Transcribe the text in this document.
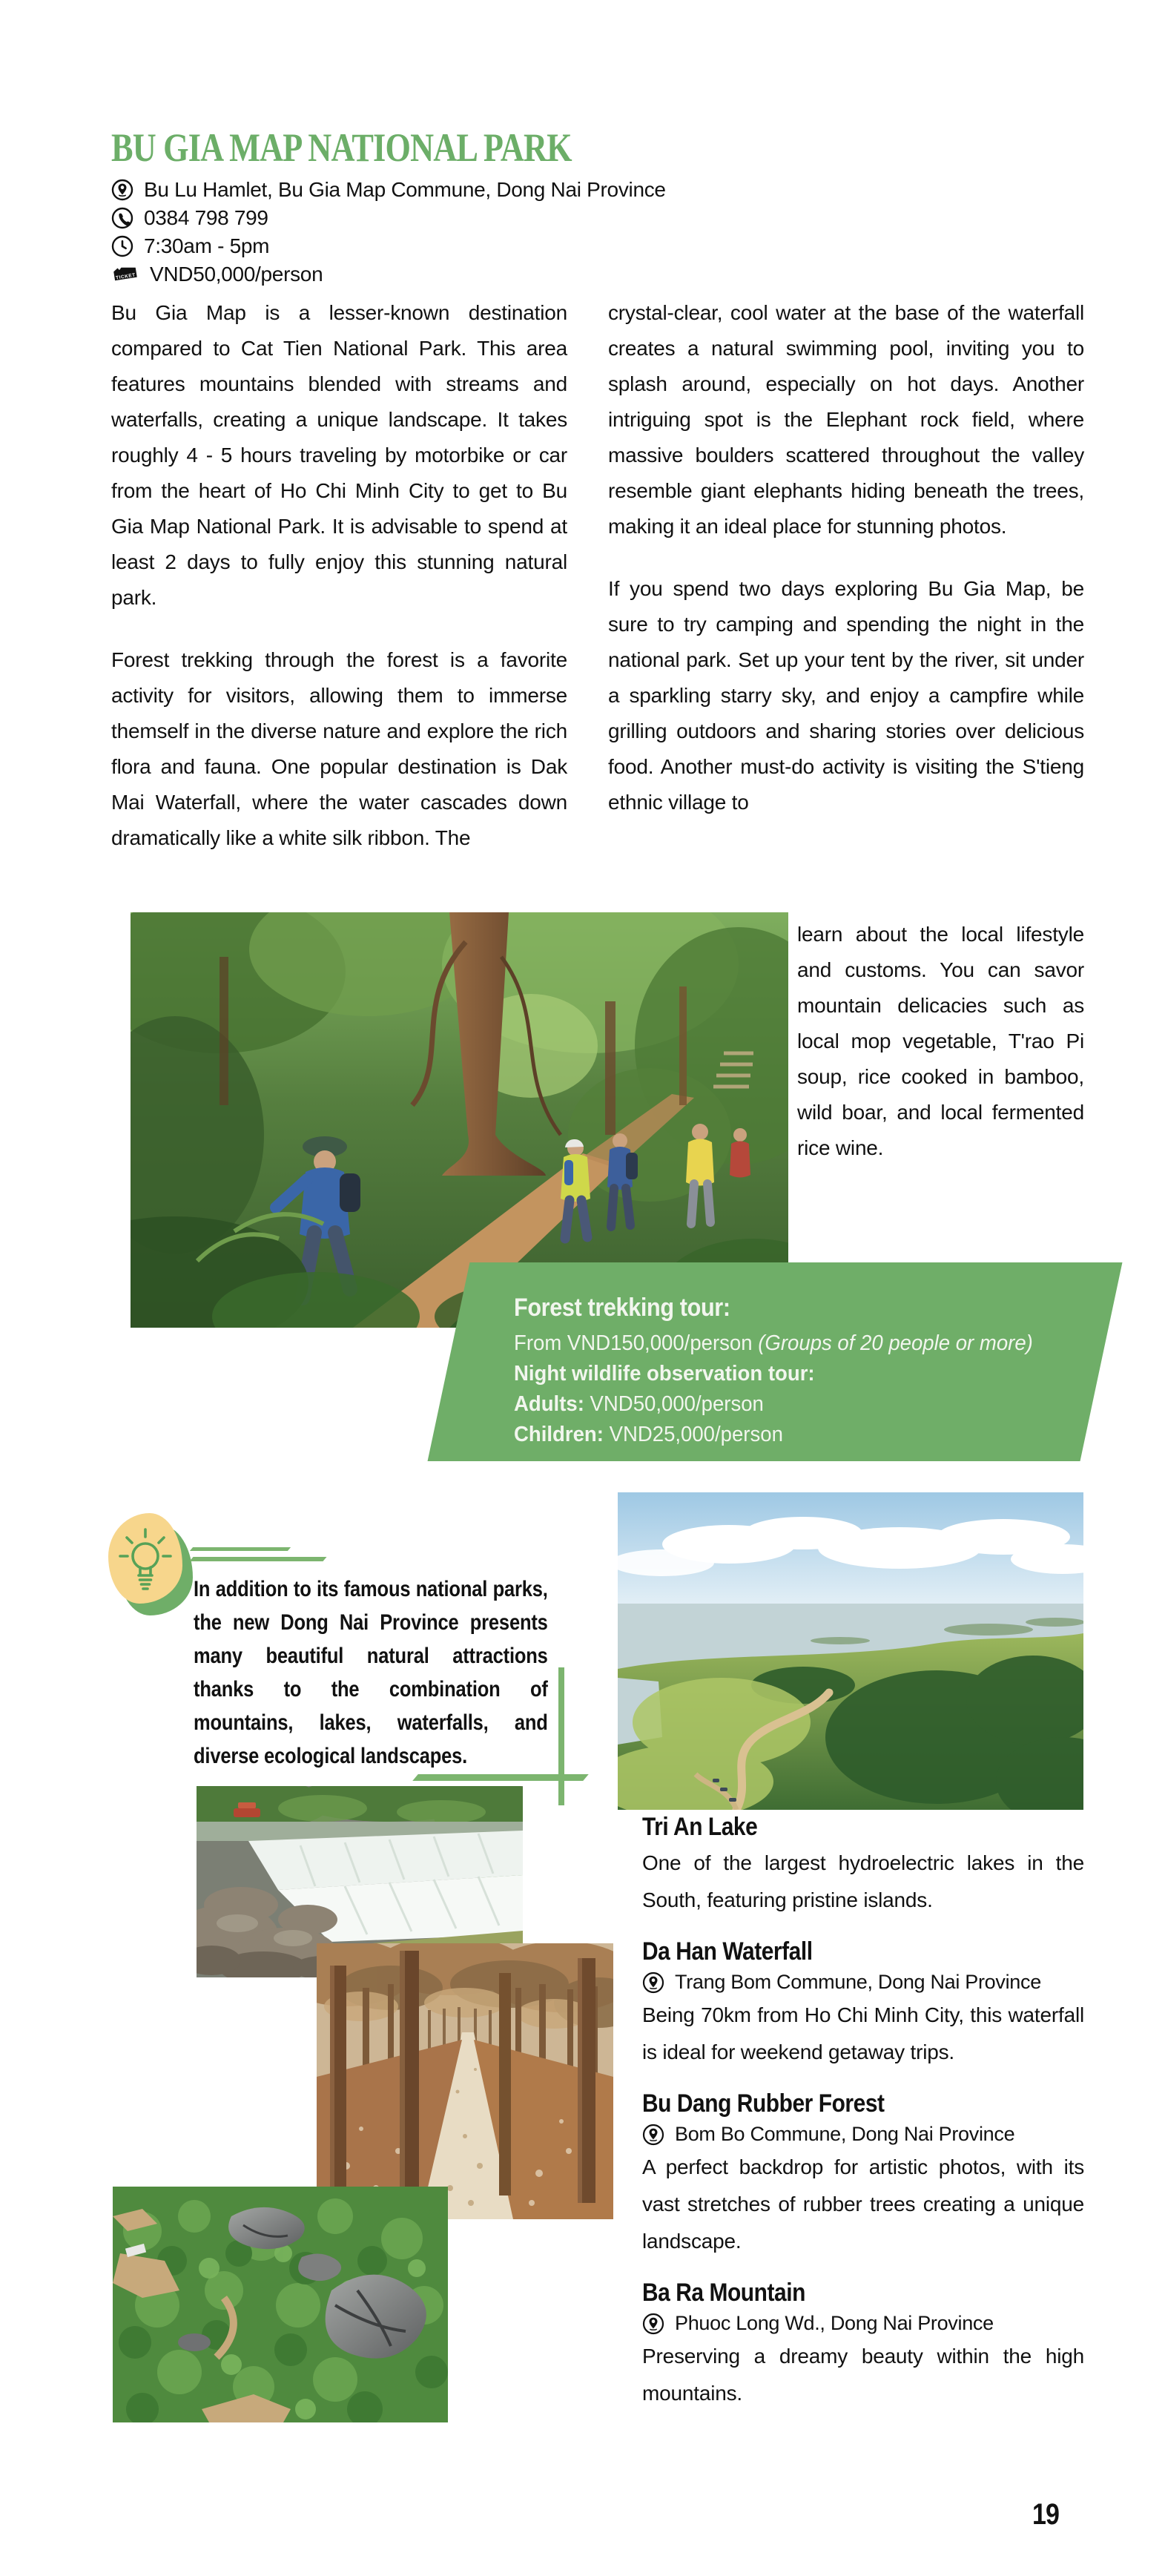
BU GIA MAP NATIONAL PARK
Bu Lu Hamlet, Bu Gia Map Commune, Dong Nai Province
0384 798 799
7:30am - 5pm
TICKET VND50,000/person

Bu Gia Map is a lesser-known destination compared to Cat Tien National Park. This area features mountains blended with streams and waterfalls, creating a unique landscape. It takes roughly 4 - 5 hours traveling by motorbike or car from the heart of Ho Chi Minh City to get to Bu Gia Map National Park. It is advisable to spend at least 2 days to fully enjoy this stunning natural park.

Forest trekking through the forest is a favorite activity for visitors, allowing them to immerse themself in the diverse nature and explore the rich flora and fauna. One popular destination is Dak Mai Waterfall, where the water cascades down dramatically like a white silk ribbon. The

crystal-clear, cool water at the base of the waterfall creates a natural swimming pool, inviting you to splash around, especially on hot days. Another intriguing spot is the Elephant rock field, where massive boulders scattered throughout the valley resemble giant elephants hiding beneath the trees, making it an ideal place for stunning photos.

If you spend two days exploring Bu Gia Map, be sure to try camping and spending the night in the national park. Set up your tent by the river, sit under a sparkling starry sky, and enjoy a campfire while grilling outdoors and sharing stories over delicious food. Another must-do activity is visiting the S'tieng ethnic village to

learn about the local lifestyle and customs. You can savor mountain delicacies such as local mop vegetable, T'rao Pi soup, rice cooked in bamboo, wild boar, and local fermented rice wine.

Forest trekking tour:
From VND150,000/person (Groups of 20 people or more)
Night wildlife observation tour:
Adults: VND50,000/person
Children: VND25,000/person
In addition to its famous national parks, the new Dong Nai Province presents many beautiful natural attractions thanks to the combination of mountains, lakes, waterfalls, and diverse ecological landscapes.
Tri An Lake
One of the largest hydroelectric lakes in the South, featuring pristine islands.
Da Han Waterfall
Trang Bom Commune, Dong Nai Province
Being 70km from Ho Chi Minh City, this waterfall is ideal for weekend getaway trips.
Bu Dang Rubber Forest
Bom Bo Commune, Dong Nai Province
A perfect backdrop for artistic photos, with its vast stretches of rubber trees creating a unique landscape.
Ba Ra Mountain
Phuoc Long Wd., Dong Nai Province
Preserving a dreamy beauty within the high mountains.
19
